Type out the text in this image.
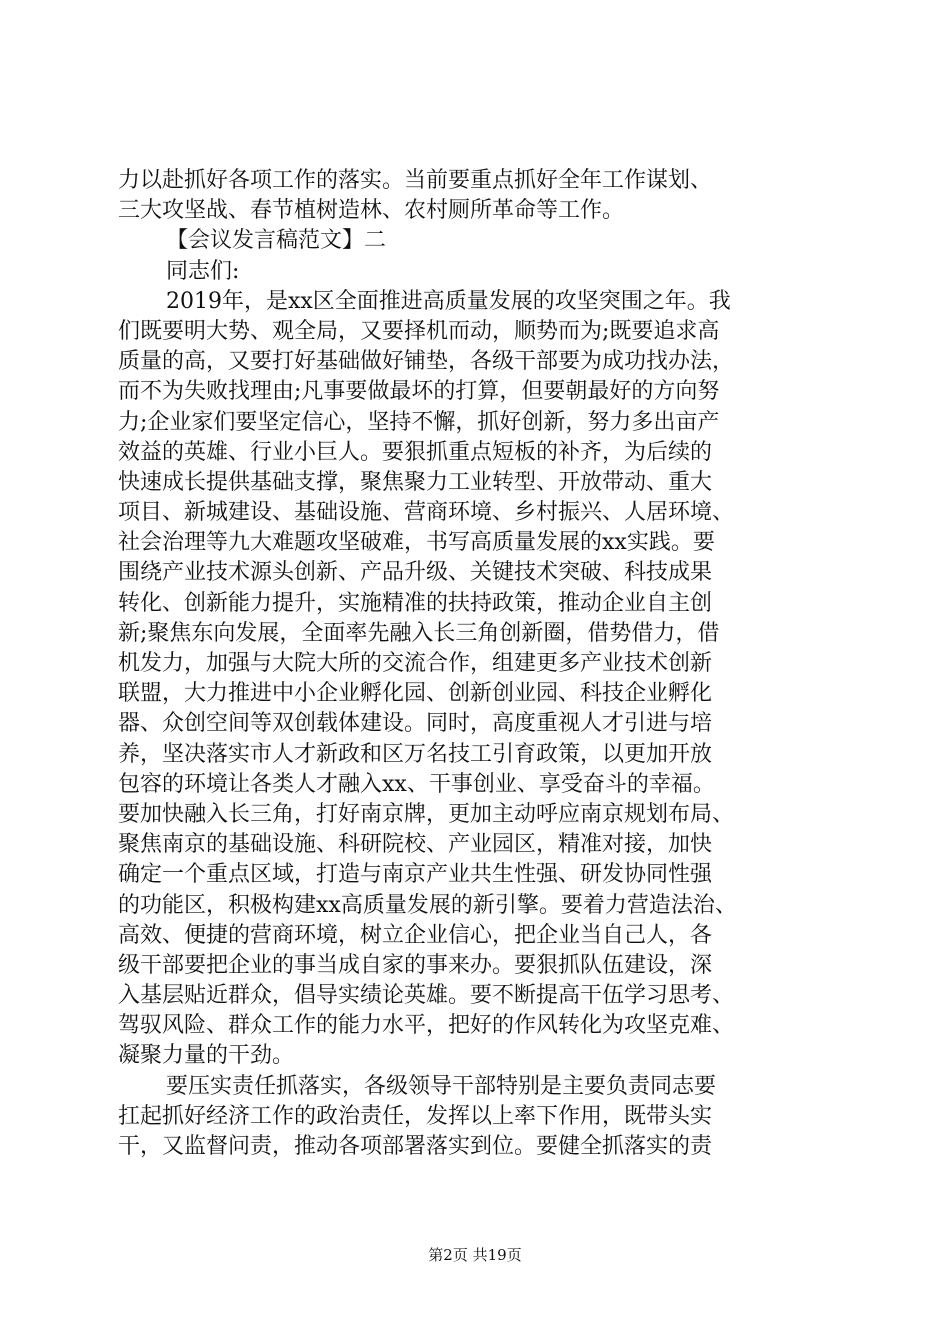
力以赴抓好各项工作的落实。当前要重点抓好全年工作谋划、
三大攻坚战、春节植树造林、农村厕所革命等工作。
【会议发言稿范文】二
同志们:
2019年，是xx区全面推进高质量发展的攻坚突围之年。我
们既要明大势、观全局，又要择机而动，顺势而为;既要追求高
质量的高，又要打好基础做好铺垫，各级干部要为成功找办法，
而不为失败找理由;凡事要做最坏的打算，但要朝最好的方向努
力;企业家们要坚定信心，坚持不懈，抓好创新，努力多出亩产
效益的英雄、行业小巨人。要狠抓重点短板的补齐，为后续的
快速成长提供基础支撑，聚焦聚力工业转型、开放带动、重大
项目、新城建设、基础设施、营商环境、乡村振兴、人居环境、
社会治理等九大难题攻坚破难，书写高质量发展的xx实践。要
围绕产业技术源头创新、产品升级、关键技术突破、科技成果
转化、创新能力提升，实施精准的扶持政策，推动企业自主创
新;聚焦东向发展，全面率先融入长三角创新圈，借势借力，借
机发力，加强与大院大所的交流合作，组建更多产业技术创新
联盟，大力推进中小企业孵化园、创新创业园、科技企业孵化
器、众创空间等双创载体建设。同时，高度重视人才引进与培
养，坚决落实市人才新政和区万名技工引育政策，以更加开放
包容的环境让各类人才融入xx、干事创业、享受奋斗的幸福。
要加快融入长三角，打好南京牌，更加主动呼应南京规划布局、
聚焦南京的基础设施、科研院校、产业园区，精准对接，加快
确定一个重点区域，打造与南京产业共生性强、研发协同性强
的功能区，积极构建xx高质量发展的新引擎。要着力营造法治、
高效、便捷的营商环境，树立企业信心，把企业当自己人，各
级干部要把企业的事当成自家的事来办。要狠抓队伍建设，深
入基层贴近群众，倡导实绩论英雄。要不断提高干伍学习思考、
驾驭风险、群众工作的能力水平，把好的作风转化为攻坚克难、
凝聚力量的干劲。
要压实责任抓落实，各级领导干部特别是主要负责同志要
扛起抓好经济工作的政治责任，发挥以上率下作用，既带头实
干，又监督问责，推动各项部署落实到位。要健全抓落实的责
第2页 共19页
